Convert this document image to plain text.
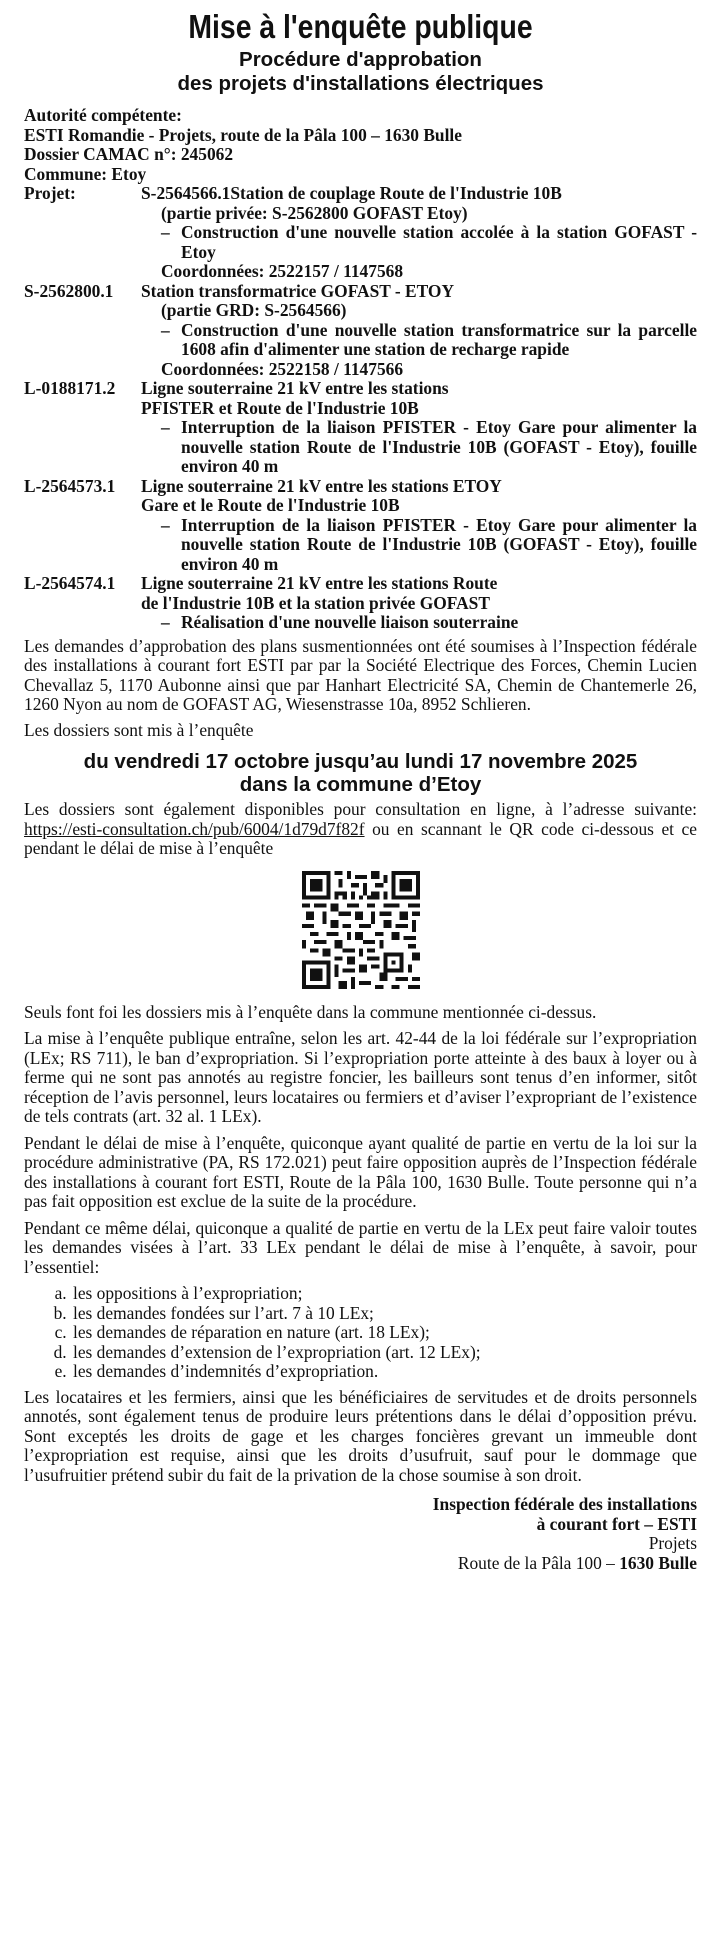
Mise à l'enquête publique
Procédure d'approbation
des projets d'installations électriques
Autorité compétente:
ESTI Romandie - Projets, route de la Pâla 100 – 1630 Bulle
Dossier CAMAC n°: 245062
Commune: Etoy
Projet:	S-2564566.1Station de couplage Route de l'Industrie 10B
(partie privée: S-2562800 GOFAST Etoy)
– Construction d'une nouvelle station accolée à la station GOFAST - Etoy
Coordonnées: 2522157 / 1147568
S-2562800.1	Station transformatrice GOFAST - ETOY
(partie GRD: S-2564566)
– Construction d'une nouvelle station transformatrice sur la parcelle 1608 afin d'alimenter une station de recharge rapide
Coordonnées: 2522158 / 1147566
L-0188171.2	Ligne souterraine 21 kV entre les stations
PFISTER et Route de l'Industrie 10B
– Interruption de la liaison PFISTER - Etoy Gare pour alimenter la nouvelle station Route de l'Industrie 10B (GOFAST - Etoy), fouille environ 40 m
L-2564573.1	Ligne souterraine 21 kV entre les stations ETOY
Gare et le Route de l'Industrie 10B
– Interruption de la liaison PFISTER - Etoy Gare pour alimenter la nouvelle station Route de l'Industrie 10B (GOFAST - Etoy), fouille environ 40 m
L-2564574.1	Ligne souterraine 21 kV entre les stations Route
de l'Industrie 10B et la station privée GOFAST
– Réalisation d'une nouvelle liaison souterraine

Les demandes d’approbation des plans susmentionnées ont été soumises à l’Inspection fédérale des installations à courant fort ESTI par par la Société Electrique des Forces, Chemin Lucien Chevallaz 5, 1170 Aubonne ainsi que par Hanhart Electricité SA, Chemin de Chantemerle 26, 1260 Nyon au nom de GOFAST AG, Wiesenstrasse 10a, 8952 Schlieren.

Les dossiers sont mis à l’enquête

du vendredi 17 octobre jusqu’au lundi 17 novembre 2025
dans la commune d’Etoy

Les dossiers sont également disponibles pour consultation en ligne, à l’adresse suivante: https://esti-consultation.ch/pub/6004/1d79d7f82f ou en scannant le QR code ci-dessous et ce pendant le délai de mise à l’enquête

Seuls font foi les dossiers mis à l’enquête dans la commune mentionnée ci-dessus.

La mise à l’enquête publique entraîne, selon les art. 42-44 de la loi fédérale sur l’expropriation (LEx; RS 711), le ban d’expropriation. Si l’expropriation porte atteinte à des baux à loyer ou à ferme qui ne sont pas annotés au registre foncier, les bailleurs sont tenus d’en informer, sitôt réception de l’avis personnel, leurs locataires ou fermiers et d’aviser l’expropriant de l’existence de tels contrats (art. 32 al. 1 LEx).

Pendant le délai de mise à l’enquête, quiconque ayant qualité de partie en vertu de la loi sur la procédure administrative (PA, RS 172.021) peut faire opposition auprès de l’Inspection fédérale des installations à courant fort ESTI, Route de la Pâla 100, 1630 Bulle. Toute personne qui n’a pas fait opposition est exclue de la suite de la procédure.

Pendant ce même délai, quiconque a qualité de partie en vertu de la LEx peut faire valoir toutes les demandes visées à l’art. 33 LEx pendant le délai de mise à l’enquête, à savoir, pour l’essentiel:

a. les oppositions à l’expropriation;
b. les demandes fondées sur l’art. 7 à 10 LEx;
c. les demandes de réparation en nature (art. 18 LEx);
d. les demandes d’extension de l’expropriation (art. 12 LEx);
e. les demandes d’indemnités d’expropriation.

Les locataires et les fermiers, ainsi que les bénéficiaires de servitudes et de droits personnels annotés, sont également tenus de produire leurs prétentions dans le délai d’opposition prévu. Sont exceptés les droits de gage et les charges foncières grevant un immeuble dont l’expropriation est requise, ainsi que les droits d’usufruit, sauf pour le dommage que l’usufruitier prétend subir du fait de la privation de la chose soumise à son droit.

Inspection fédérale des installations
à courant fort – ESTI
Projets
Route de la Pâla 100 – 1630 Bulle
